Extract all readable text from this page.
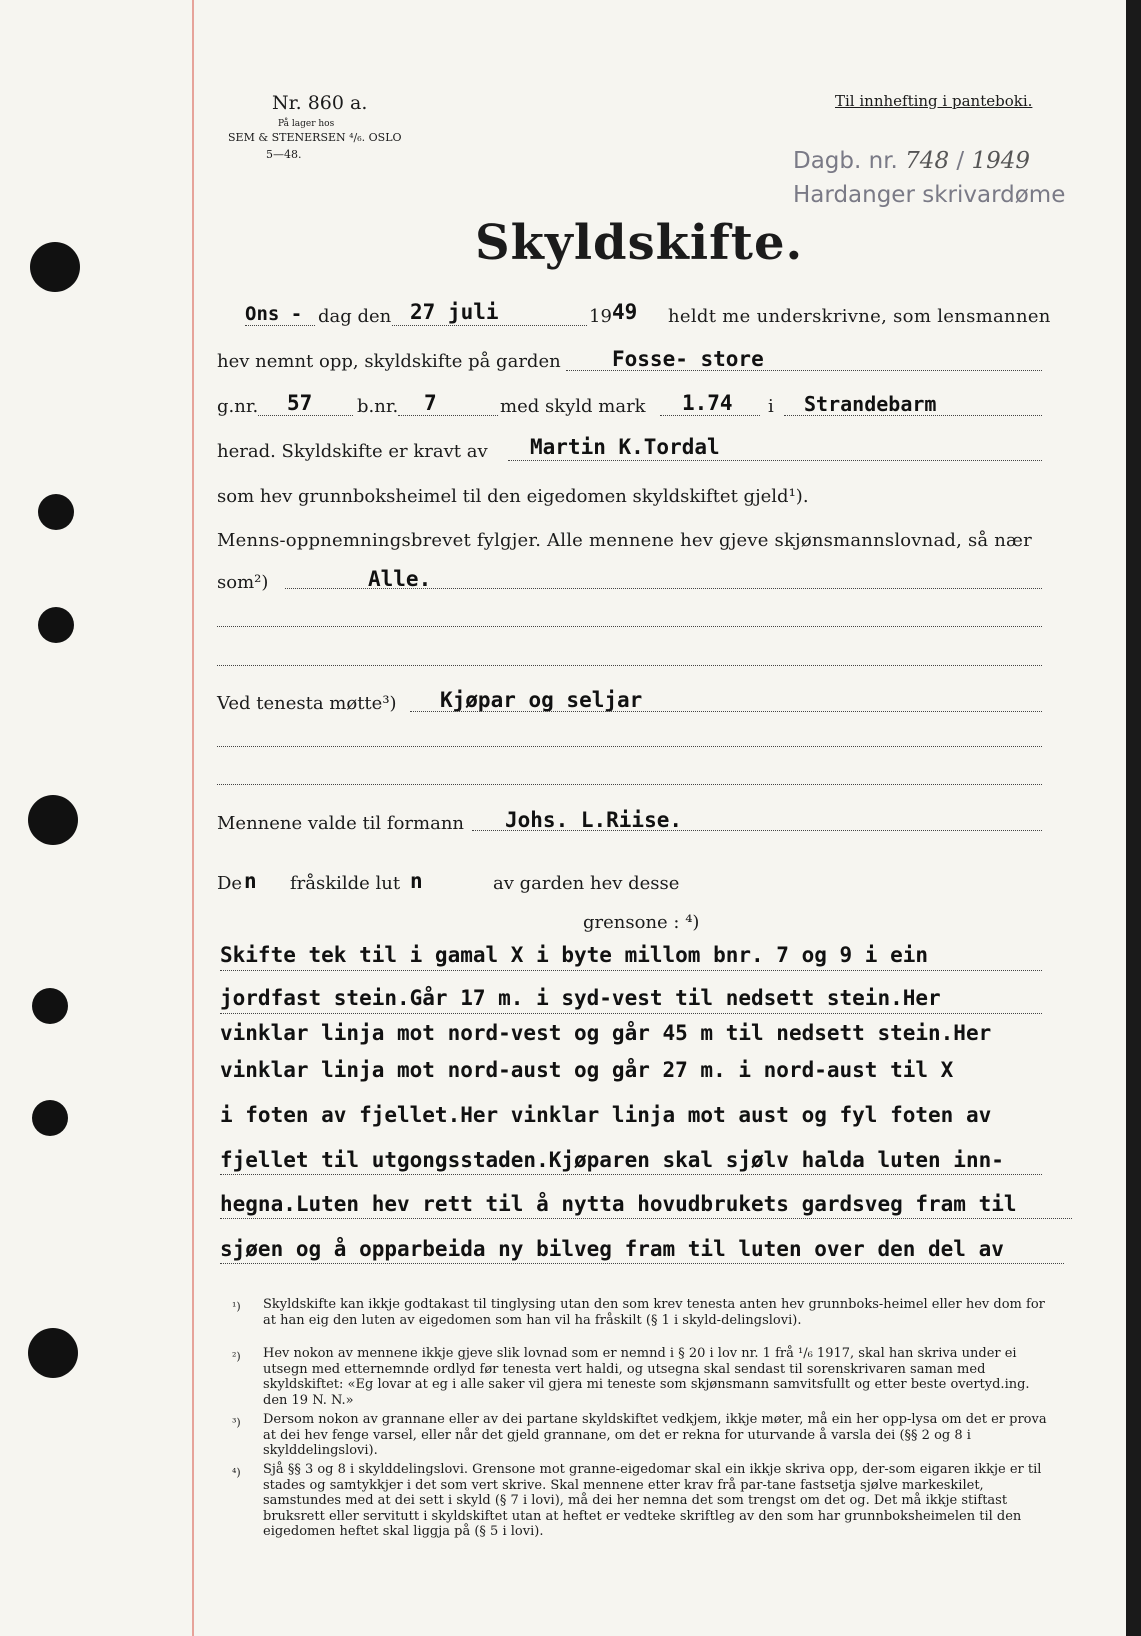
Nr. 860 a.
På lager hos
SEM & STENERSEN ⁴/₆. OSLO
5—48.
Til innhefting i panteboki.
Dagb. nr. 748 / 1949
Hardanger skrivardøme
Skyldskifte.
Ons - dag den 27 juli	19 49 heldt me underskrivne, som lensmannen
hev nemnt opp, skyldskifte på garden Fosse- store
g.nr. 57 b.nr. 7	med skyld mark 1.74 i Strandebarm
herad. Skyldskifte er kravt av Martin K.Tordal
som hev grunnboksheimel til den eigedomen skyldskiftet gjeld¹).
Menns-oppnemningsbrevet fylgjer. Alle mennene hev gjeve skjønsmannslovnad, så nær
som²)	Alle.
Ved tenesta møtte³) Kjøpar og seljar
Mennene valde til formann Johs. L.Riise.
De n fråskilde lut n	av garden hev desse
grensone : ⁴)
Skifte tek til i gamal X i byte millom bnr. 7 og 9 i ein
jordfast stein.Går 17 m. i syd-vest til nedsett stein.Her
vinklar linja mot nord-vest og går 45 m til nedsett stein.Her
vinklar linja mot nord-aust og går 27 m. i nord-aust til X
i foten av fjellet.Her vinklar linja mot aust og fyl foten av
fjellet til utgongsstaden.Kjøparen skal sjølv halda luten inn-
hegna.Luten hev rett til å nytta hovudbrukets gardsveg fram til
sjøen og å opparbeida ny bilveg fram til luten over den del av
¹) Skyldskifte kan ikkje godtakast til tinglysing utan den som krev tenesta anten hev grunnboks-heimel eller hev dom for at han eig den luten av eigedomen som han vil ha fråskilt (§ 1 i skyld-delingslovi).
²) Hev nokon av mennene ikkje gjeve slik lovnad som er nemnd i § 20 i lov nr. 1 frå ¹/₆ 1917, skal han skriva under ei utsegn med etternemnde ordlyd før tenesta vert haldi, og utsegna skal sendast til sorenskrivaren saman med skyldskiftet: «Eg lovar at eg i alle saker vil gjera mi teneste som skjønsmann samvitsfullt og etter beste overtyd.ing. den 19 N. N.»
³) Dersom nokon av grannane eller av dei partane skyldskiftet vedkjem, ikkje møter, må ein her opp-lysa om det er prova at dei hev fenge varsel, eller når det gjeld grannane, om det er rekna for uturvande å varsla dei (§§ 2 og 8 i skylddelingslovi).
⁴) Sjå §§ 3 og 8 i skylddelingslovi. Grensone mot granne-eigedomar skal ein ikkje skriva opp, der-som eigaren ikkje er til stades og samtykkjer i det som vert skrive. Skal mennene etter krav frå par-tane fastsetja sjølve markeskilet, samstundes med at dei sett i skyld (§ 7 i lovi), må dei her nemna det som trengst om det og. Det må ikkje stiftast bruksrett eller servitutt i skyldskiftet utan at heftet er vedteke skriftleg av den som har grunnboksheimelen til den eigedomen heftet skal liggja på (§ 5 i lovi).
